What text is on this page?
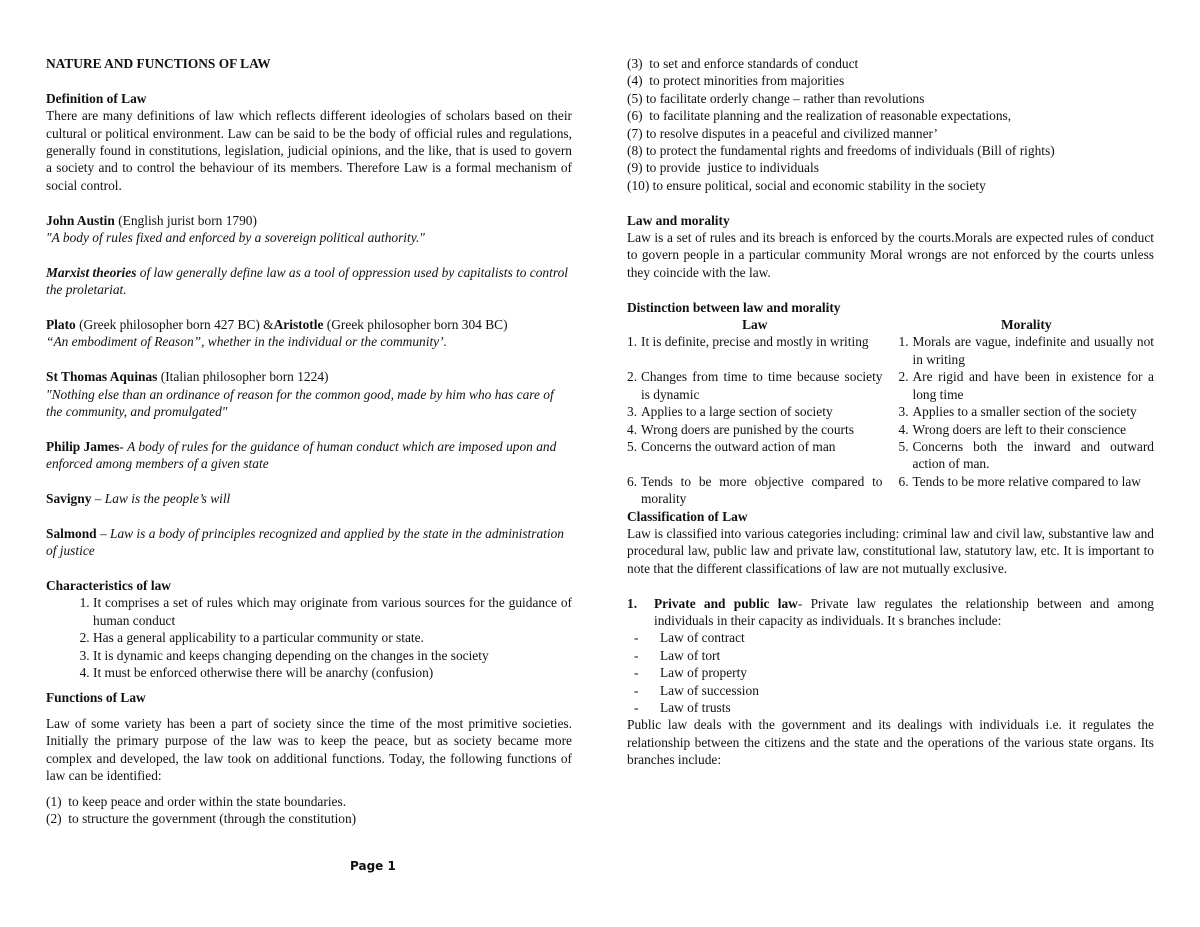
NATURE AND FUNCTIONS OF LAW

Definition of Law

There are many definitions of law which reflects different ideologies of scholars based on their cultural or political environment. Law can be said to be the body of official rules and regulations, generally found in constitutions, legislation, judicial opinions, and the like, that is used to govern a society and to control the behaviour of its members. Therefore Law is a formal mechanism of social control.

John Austin (English jurist born 1790)

"A body of rules fixed and enforced by a sovereign political authority."

Marxist theories of law generally define law as a tool of oppression used by capitalists to control the proletariat.

Plato (Greek philosopher born 427 BC) &Aristotle (Greek philosopher born 304 BC)

“An embodiment of Reason”, whether in the individual or the community’.

St Thomas Aquinas (Italian philosopher born 1224)

"Nothing else than an ordinance of reason for the common good, made by him who has care of the community, and promulgated"

Philip James- A body of rules for the guidance of human conduct which are imposed upon and enforced among members of a given state

Savigny – Law is the people’s will

Salmond – Law is a body of principles recognized and applied by the state in the administration of justice

Characteristics of law

1. It comprises a set of rules which may originate from various sources for the guidance of human conduct
2. Has a general applicability to a particular community or state.
3. It is dynamic and keeps changing depending on the changes in the society
4. It must be enforced otherwise there will be anarchy (confusion)

Functions of Law

Law of some variety has been a part of society since the time of the most primitive societies. Initially the primary purpose of the law was to keep the peace, but as society became more complex and developed, the law took on additional functions. Today, the following functions of law can be identified:

(1)  to keep peace and order within the state boundaries.
(2)  to structure the government (through the constitution)
(3)  to set and enforce standards of conduct
(4)  to protect minorities from majorities
(5) to facilitate orderly change – rather than revolutions
(6)  to facilitate planning and the realization of reasonable expectations,
(7) to resolve disputes in a peaceful and civilized manner’
(8) to protect the fundamental rights and freedoms of individuals (Bill of rights)
(9) to provide  justice to individuals
(10) to ensure political, social and economic stability in the society

Law and morality

Law is a set of rules and its breach is enforced by the courts.Morals are expected rules of conduct to govern people in a particular community Moral wrongs are not enforced by the courts unless they coincide with the law.

Distinction between law and morality

Law	Morality

1. It is definite, precise and mostly in writing	1. Morals are vague, indefinite and usually not in writing

2. Changes from time to time because society is dynamic	2. Are rigid and have been in existence for a long time

3. Applies to a large section of society	3. Applies to a smaller section of the society

4. Wrong doers are punished by the courts	4. Wrong doers are left to their conscience

5. Concerns the outward action of man	5. Concerns both the inward and outward action of man.

6. Tends to be more objective compared to morality	6. Tends to be more relative compared to law

Classification of Law

Law is classified into various categories including: criminal law and civil law, substantive law and procedural law, public law and private law, constitutional law, statutory law, etc. It is important to note that the different classifications of law are not mutually exclusive.

1.	Private and public law- Private law regulates the relationship between and among individuals in their capacity as individuals. It s branches include:
-	Law of contract
-	Law of tort
-	Law of property
-	Law of succession
-	Law of trusts

Public law deals with the government and its dealings with individuals i.e. it regulates the relationship between the citizens and the state and the operations of the various state organs. Its branches include:

Page 1
